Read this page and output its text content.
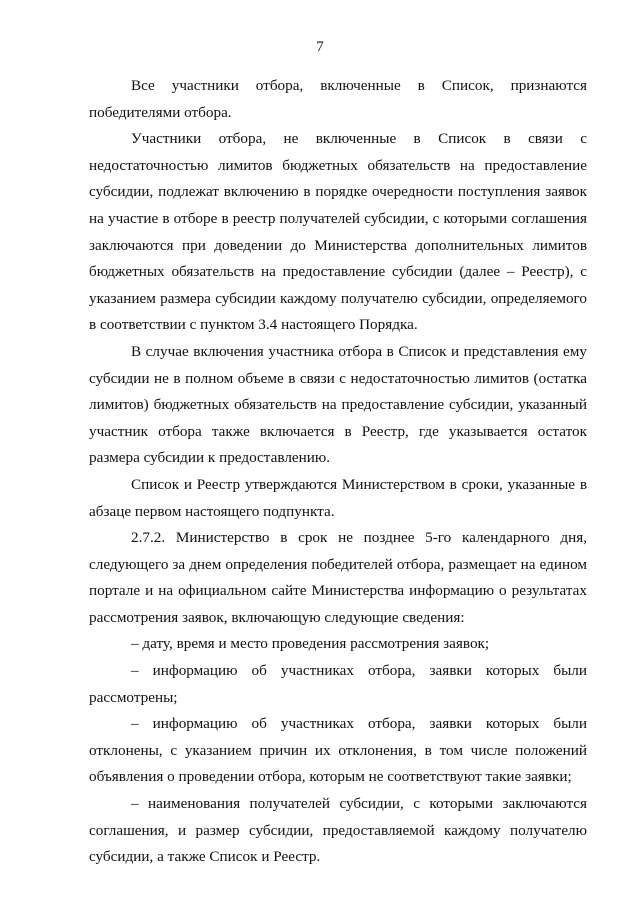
7

Все участники отбора, включенные в Список, признаются победителями отбора.

Участники отбора, не включенные в Список в связи с недостаточностью лимитов бюджетных обязательств на предоставление субсидии, подлежат включению в порядке очередности поступления заявок на участие в отборе в реестр получателей субсидии, с которыми соглашения заключаются при доведении до Министерства дополнительных лимитов бюджетных обязательств на предоставление субсидии (далее – Реестр), с указанием размера субсидии каждому получателю субсидии, определяемого в соответствии с пунктом 3.4 настоящего Порядка.

В случае включения участника отбора в Список и представления ему субсидии не в полном объеме в связи с недостаточностью лимитов (остатка лимитов) бюджетных обязательств на предоставление субсидии, указанный участник отбора также включается в Реестр, где указывается остаток размера субсидии к предоставлению.

Список и Реестр утверждаются Министерством в сроки, указанные в абзаце первом настоящего подпункта.

2.7.2. Министерство в срок не позднее 5-го календарного дня, следующего за днем определения победителей отбора, размещает на едином портале и на официальном сайте Министерства информацию о результатах рассмотрения заявок, включающую следующие сведения:

– дату, время и место проведения рассмотрения заявок;

– информацию об участниках отбора, заявки которых были рассмотрены;

– информацию об участниках отбора, заявки которых были отклонены, с указанием причин их отклонения, в том числе положений объявления о проведении отбора, которым не соответствуют такие заявки;

– наименования получателей субсидии, с которыми заключаются соглашения, и размер субсидии, предоставляемой каждому получателю субсидии, а также Список и Реестр.
